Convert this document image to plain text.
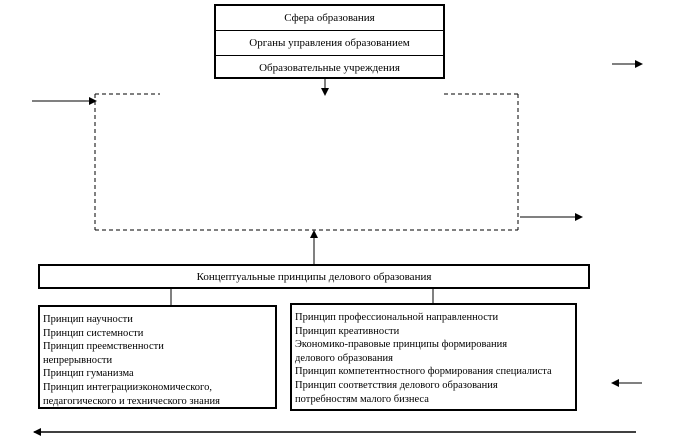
Сфера образования
Органы управления образованием
Образовательные учреждения
Концептуальные принципы делового образования
Принцип научности
Принцип системности
Принцип преемственности
непрерывности
Принцип гуманизма
Принцип интеграцииэкономического,
педагогического и технического знания
Принцип профессиональной направленности
Принцип креативности
Экономико-правовые принципы формирования
делового образования
Принцип компетентностного формирования специалиста
Принцип соответствия делового образования
потребностям малого бизнеса
